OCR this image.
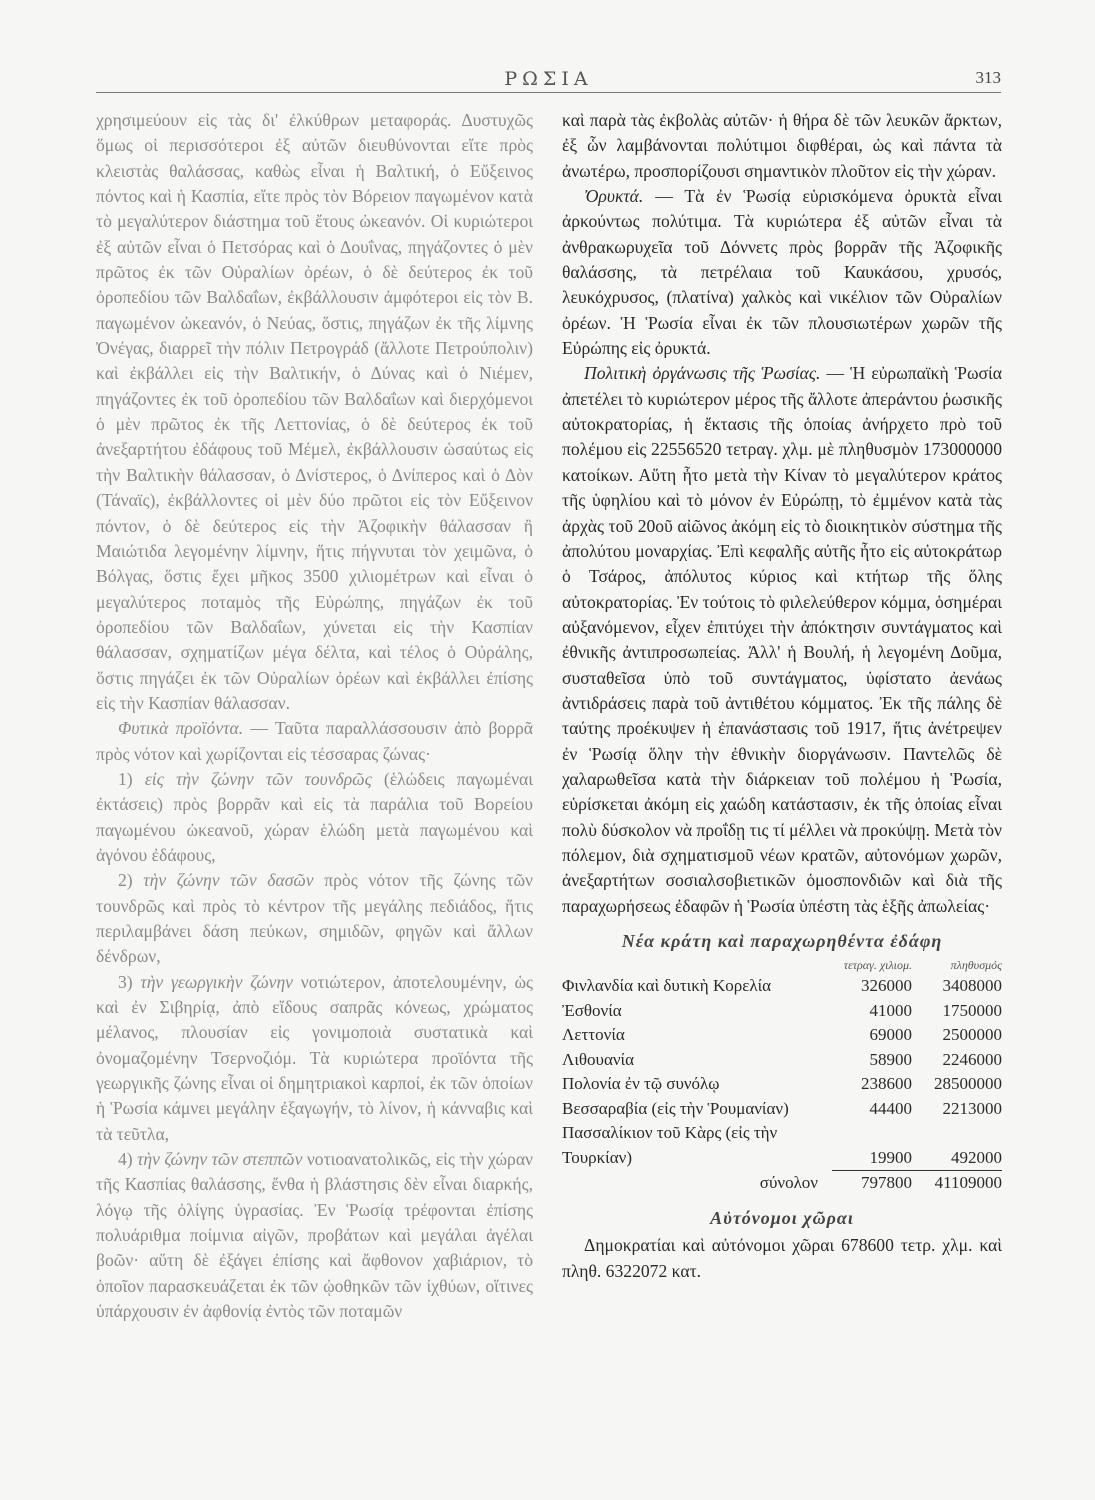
ΡΩΣΙΑ	313

χρησιμεύουν εἰς τὰς δι' ἐλκύθρων μεταφοράς. Δυστυχῶς ὅμως οἱ περισσότεροι ἐξ αὐτῶν διευθύνονται εἴτε πρὸς κλειστὰς θαλάσσας, καθὼς εἶναι ἡ Βαλτική, ὁ Εὔξεινος πόντος καὶ ἡ Κασπία, εἴτε πρὸς τὸν Βόρειον παγωμένον κατὰ τὸ μεγαλύτερον διάστημα τοῦ ἔτους ὠκεανόν. Οἱ κυριώτεροι ἐξ αὐτῶν εἶναι ὁ Πετσόρας καὶ ὁ Δουΐνας, πηγάζοντες ὁ μὲν πρῶτος ἐκ τῶν Οὐραλίων ὀρέων, ὁ δὲ δεύτερος ἐκ τοῦ ὀροπεδίου τῶν Βαλδαΐων, ἐκβάλλουσιν ἀμφότεροι εἰς τὸν Β. παγωμένον ὠκεανόν, ὁ Νεύας, ὅστις, πηγάζων ἐκ τῆς λίμνης Ὀνέγας, διαρρεῖ τὴν πόλιν Πετρογράδ (ἄλλοτε Πετρούπολιν) καὶ ἐκβάλλει εἰς τὴν Βαλτικήν, ὁ Δύνας καὶ ὁ Νιέμεν, πηγάζοντες ἐκ τοῦ ὀροπεδίου τῶν Βαλδαΐων καὶ διερχόμενοι ὁ μὲν πρῶτος ἐκ τῆς Λεττονίας, ὁ δὲ δεύτερος ἐκ τοῦ ἀνεξαρτήτου ἐδάφους τοῦ Μέμελ, ἐκβάλλουσιν ὡσαύτως εἰς τὴν Βαλτικὴν θάλασσαν, ὁ Δνίστερος, ὁ Δνίπερος καὶ ὁ Δὸν (Τάναϊς), ἐκβάλλοντες οἱ μὲν δύο πρῶτοι εἰς τὸν Εὔξεινον πόντον, ὁ δὲ δεύτερος εἰς τὴν Ἀζοφικὴν θάλασσαν ἢ Μαιώτιδα λεγομένην λίμνην, ἥτις πήγνυται τὸν χειμῶνα, ὁ Βόλγας, ὅστις ἔχει μῆκος 3500 χιλιομέτρων καὶ εἶναι ὁ μεγαλύτερος ποταμὸς τῆς Εὐρώπης, πηγάζων ἐκ τοῦ ὀροπεδίου τῶν Βαλδαΐων, χύνεται εἰς τὴν Κασπίαν θάλασσαν, σχηματίζων μέγα δέλτα, καὶ τέλος ὁ Οὐράλης, ὅστις πηγάζει ἐκ τῶν Οὐραλίων ὀρέων καὶ ἐκβάλλει ἐπίσης εἰς τὴν Κασπίαν θάλασσαν.

Φυτικὰ προϊόντα. — Ταῦτα παραλλάσσουσιν ἀπὸ βορρᾶ πρὸς νότον καὶ χωρίζονται εἰς τέσσαρας ζώνας·

1) εἰς τὴν ζώνην τῶν τουνδρῶς (ἑλώδεις παγωμέναι ἐκτάσεις) πρὸς βορρᾶν καὶ εἰς τὰ παράλια τοῦ Βορείου παγωμένου ὠκεανοῦ, χώραν ἑλώδη μετὰ παγωμένου καὶ ἀγόνου ἐδάφους,

2) τὴν ζώνην τῶν δασῶν πρὸς νότον τῆς ζώνης τῶν τουνδρῶς καὶ πρὸς τὸ κέντρον τῆς μεγάλης πεδιάδος, ἥτις περιλαμβάνει δάση πεύκων, σημιδῶν, φηγῶν καὶ ἄλλων δένδρων,

3) τὴν γεωργικὴν ζώνην νοτιώτερον, ἀποτελουμένην, ὡς καὶ ἐν Σιβηρίᾳ, ἀπὸ εἴδους σαπρᾶς κόνεως, χρώματος μέλανος, πλουσίαν εἰς γονιμοποιὰ συστατικὰ καὶ ὀνομαζομένην Τσερνοζιόμ. Τὰ κυριώτερα προϊόντα τῆς γεωργικῆς ζώνης εἶναι οἱ δημητριακοὶ καρποί, ἐκ τῶν ὁποίων ἡ Ῥωσία κάμνει μεγάλην ἐξαγωγήν, τὸ λίνον, ἡ κάνναβις καὶ τὰ τεῦτλα,

4) τὴν ζώνην τῶν στεππῶν νοτιοανατολικῶς, εἰς τὴν χώραν τῆς Κασπίας θαλάσσης, ἔνθα ἡ βλάστησις δὲν εἶναι διαρκής, λόγῳ τῆς ὀλίγης ὑγρασίας. Ἐν Ῥωσίᾳ τρέφονται ἐπίσης πολυάριθμα ποίμνια αἰγῶν, προβάτων καὶ μεγάλαι ἀγέλαι βοῶν· αὕτη δὲ ἐξάγει ἐπίσης καὶ ἄφθονον χαβιάριον, τὸ ὁποῖον παρασκευάζεται ἐκ τῶν ᾠοθηκῶν τῶν ἰχθύων, οἵτινες ὑπάρχουσιν ἐν ἀφθονίᾳ ἐντὸς τῶν ποταμῶν

καὶ παρὰ τὰς ἐκβολὰς αὐτῶν· ἡ θήρα δὲ τῶν λευκῶν ἄρκτων, ἐξ ὧν λαμβάνονται πολύτιμοι διφθέραι, ὡς καὶ πάντα τὰ ἀνωτέρω, προσπορίζουσι σημαντικὸν πλοῦτον εἰς τὴν χώραν.

Ὀρυκτά. — Τὰ ἐν Ῥωσίᾳ εὑρισκόμενα ὀρυκτὰ εἶναι ἀρκούντως πολύτιμα. Τὰ κυριώτερα ἐξ αὐτῶν εἶναι τὰ ἀνθρακωρυχεῖα τοῦ Δόννετς πρὸς βορρᾶν τῆς Ἀζοφικῆς θαλάσσης, τὰ πετρέλαια τοῦ Καυκάσου, χρυσός, λευκόχρυσος, (πλατίνα) χαλκὸς καὶ νικέλιον τῶν Οὐραλίων ὀρέων. Ἡ Ῥωσία εἶναι ἐκ τῶν πλουσιωτέρων χωρῶν τῆς Εὐρώπης εἰς ὀρυκτά.

Πολιτικὴ ὀργάνωσις τῆς Ῥωσίας. — Ἡ εὐρωπαϊκὴ Ῥωσία ἀπετέλει τὸ κυριώτερον μέρος τῆς ἄλλοτε ἀπεράντου ῥωσικῆς αὐτοκρατορίας, ἡ ἔκτασις τῆς ὁποίας ἀνήρχετο πρὸ τοῦ πολέμου εἰς 22556520 τετραγ. χλμ. μὲ πληθυσμὸν 173000000 κατοίκων. Αὕτη ἦτο μετὰ τὴν Κίναν τὸ μεγαλύτερον κράτος τῆς ὑφηλίου καὶ τὸ μόνον ἐν Εὐρώπῃ, τὸ ἐμμένον κατὰ τὰς ἀρχὰς τοῦ 20οῦ αἰῶνος ἀκόμη εἰς τὸ διοικητικὸν σύστημα τῆς ἀπολύτου μοναρχίας. Ἐπὶ κεφαλῆς αὐτῆς ἦτο εἰς αὐτοκράτωρ ὁ Τσάρος, ἀπόλυτος κύριος καὶ κτήτωρ τῆς ὅλης αὐτοκρατορίας. Ἐν τούτοις τὸ φιλελεύθερον κόμμα, ὁσημέραι αὐξανόμενον, εἶχεν ἐπιτύχει τὴν ἀπόκτησιν συντάγματος καὶ ἐθνικῆς ἀντιπροσωπείας. Ἀλλ' ἡ Βουλή, ἡ λεγομένη Δοῦμα, συσταθεῖσα ὑπὸ τοῦ συντάγματος, ὑφίστατο ἀενάως ἀντιδράσεις παρὰ τοῦ ἀντιθέτου κόμματος. Ἐκ τῆς πάλης δὲ ταύτης προέκυψεν ἡ ἐπανάστασις τοῦ 1917, ἥτις ἀνέτρεψεν ἐν Ῥωσίᾳ ὅλην τὴν ἐθνικὴν διοργάνωσιν. Παντελῶς δὲ χαλαρωθεῖσα κατὰ τὴν διάρκειαν τοῦ πολέμου ἡ Ῥωσία, εὑρίσκεται ἀκόμη εἰς χαώδη κατάστασιν, ἐκ τῆς ὁποίας εἶναι πολὺ δύσκολον νὰ προΐδῃ τις τί μέλλει νὰ προκύψῃ. Μετὰ τὸν πόλεμον, διὰ σχηματισμοῦ νέων κρατῶν, αὐτονόμων χωρῶν, ἀνεξαρτήτων σοσιαλσοβιετικῶν ὁμοσπονδιῶν καὶ διὰ τῆς παραχωρήσεως ἐδαφῶν ἡ Ῥωσία ὑπέστη τὰς ἑξῆς ἀπωλείας·

Νέα κράτη καὶ παραχωρηθέντα ἐδάφη
	τετραγ. χιλιομ.	πληθυσμός
Φινλανδία καὶ δυτικὴ Κορελία	326000	3408000
Ἐσθονία	41000	1750000
Λεττονία	69000	2500000
Λιθουανία	58900	2246000
Πολονία ἐν τῷ συνόλῳ	238600	28500000
Βεσσαραβία (εἰς τὴν Ῥουμανίαν)	44400	2213000
Πασσαλίκιον τοῦ Κὰρς (εἰς τὴν		
Τουρκίαν)	19900	492000
σύνολον	797800	41109000
Αὐτόνομοι χῶραι

Δημοκρατίαι καὶ αὐτόνομοι χῶραι 678600 τετρ. χλμ. καὶ πληθ. 6322072 κατ.
